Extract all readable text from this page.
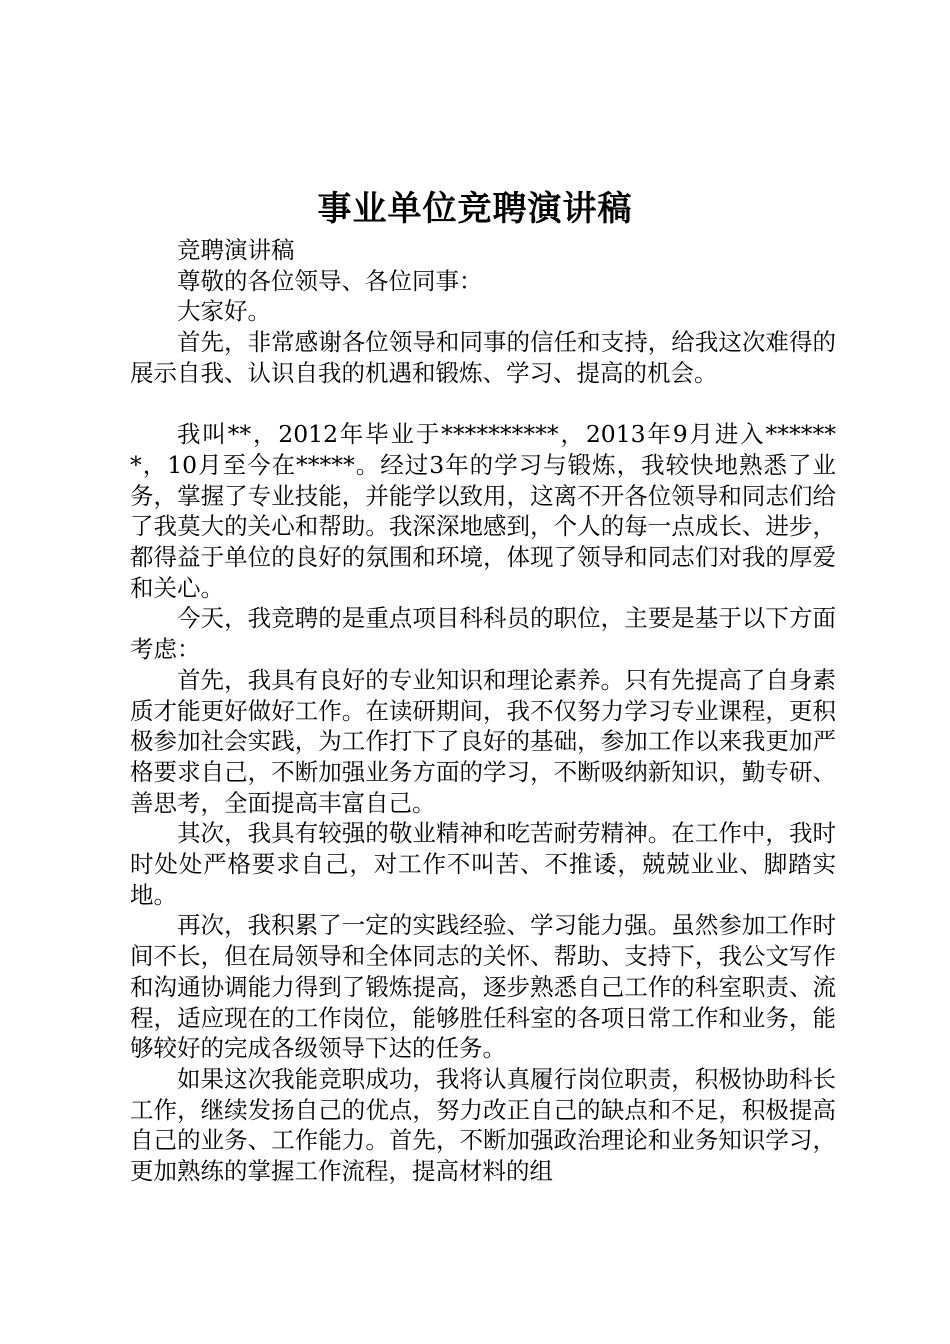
事业单位竞聘演讲稿

竞聘演讲稿

尊敬的各位领导、各位同事：

大家好。

首先，非常感谢各位领导和同事的信任和支持，给我这次难得的展示自我、认识自我的机遇和锻炼、学习、提高的机会。

我叫**，2012年毕业于**********，2013年9月进入*******，10月至今在*****。经过3年的学习与锻炼，我较快地熟悉了业务，掌握了专业技能，并能学以致用，这离不开各位领导和同志们给了我莫大的关心和帮助。我深深地感到，个人的每一点成长、进步，都得益于单位的良好的氛围和环境，体现了领导和同志们对我的厚爱和关心。

今天，我竞聘的是重点项目科科员的职位，主要是基于以下方面考虑：

首先，我具有良好的专业知识和理论素养。只有先提高了自身素质才能更好做好工作。在读研期间，我不仅努力学习专业课程，更积极参加社会实践，为工作打下了良好的基础，参加工作以来我更加严格要求自己，不断加强业务方面的学习，不断吸纳新知识，勤专研、善思考，全面提高丰富自己。

其次，我具有较强的敬业精神和吃苦耐劳精神。在工作中，我时时处处严格要求自己，对工作不叫苦、不推诿，兢兢业业、脚踏实地。

再次，我积累了一定的实践经验、学习能力强。虽然参加工作时间不长，但在局领导和全体同志的关怀、帮助、支持下，我公文写作和沟通协调能力得到了锻炼提高，逐步熟悉自己工作的科室职责、流程，适应现在的工作岗位，能够胜任科室的各项日常工作和业务，能够较好的完成各级领导下达的任务。

如果这次我能竞职成功，我将认真履行岗位职责，积极协助科长工作，继续发扬自己的优点，努力改正自己的缺点和不足，积极提高自己的业务、工作能力。首先，不断加强政治理论和业务知识学习，更加熟练的掌握工作流程，提高材料的组
